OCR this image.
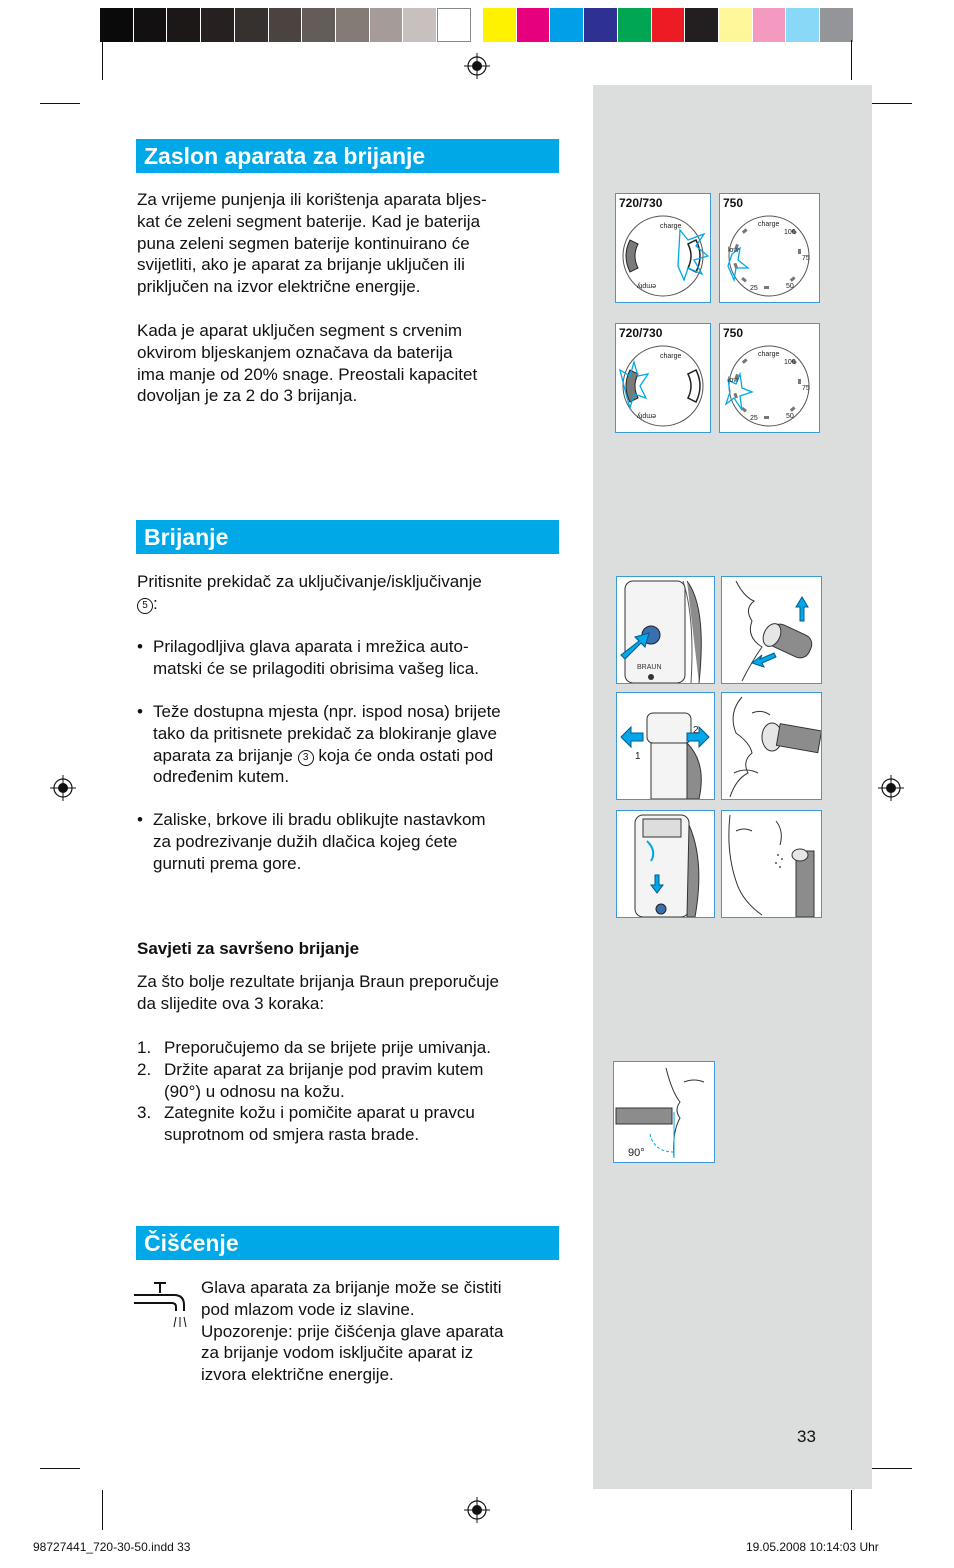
Zaslon aparata za brijanje
Za vrijeme punjenja ili korištenja aparata bljes-
kat će zeleni segment baterije. Kad je baterija
puna zeleni segmen baterije kontinuirano će
svijetliti, ako je aparat za brijanje uključen ili
priključen na izvor električne energije.
Kada je aparat uključen segment s crvenim
okvirom bljeskanjem označava da baterija
ima manje od 20% snage. Preostali kapacitet
dovoljan je za 2 do 3 brijanja.
720/730
charge
empty
750
charge
100
75
50
25
low
720/730
charge
empty
750
charge
100
75
50
25
low
Brijanje
Pritisnite prekidač za uključivanje/isključivanje
5 :
• Prilagodljiva glava aparata i mrežica auto-
matski će se prilagoditi obrisima vašeg lica.
• Teže dostupna mjesta (npr. ispod nosa) brijete
tako da pritisnete prekidač za blokiranje glave
aparata za brijanje 3 koja će onda ostati pod
određenim kutem.
• Zaliske, brkove ili bradu oblikujte nastavkom
za podrezivanje dužih dlačica kojeg ćete
gurnuti prema gore.
Savjeti za savršeno brijanje
Za što bolje rezultate brijanja Braun preporučuje
da slijedite ova 3 koraka:
1. Preporučujemo da se brijete prije umivanja.
2. Držite aparat za brijanje pod pravim kutem
(90°) u odnosu na kožu.
3. Zategnite kožu i pomičite aparat u pravcu
suprotnom od smjera rasta brade.
BRAUN
1
2
90°
Čišćenje
Glava aparata za brijanje može se čistiti
pod mlazom vode iz slavine.
Upozorenje: prije čišćenja glave aparata
za brijanje vodom isključite aparat iz
izvora električne energije.
33
98727441_720-30-50.indd 33	19.05.2008 10:14:03 Uhr
